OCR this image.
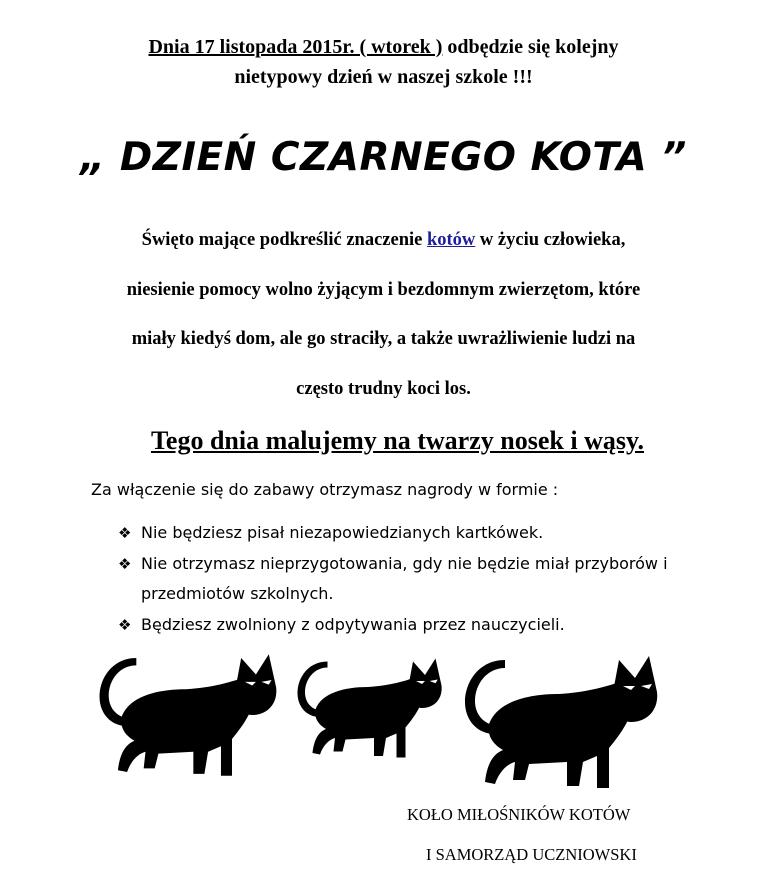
Dnia 17 listopada 2015r. ( wtorek ) odbędzie się kolejny
nietypowy dzień w naszej szkole !!!
„ DZIEŃ CZARNEGO KOTA ”
Święto mające podkreślić znaczenie kotów w życiu człowieka,
niesienie pomocy wolno żyjącym i bezdomnym zwierzętom, które
miały kiedyś dom, ale go straciły, a także uwrażliwienie ludzi na
często trudny koci los.
Tego dnia malujemy na twarzy nosek i wąsy.
Za włączenie się do zabawy otrzymasz nagrody w formie :
❖ Nie będziesz pisał niezapowiedzianych kartkówek.
❖ Nie otrzymasz nieprzygotowania, gdy nie będzie miał przyborów i przedmiotów szkolnych.
❖ Będziesz zwolniony z odpytywania przez nauczycieli.
KOŁO MIŁOŚNIKÓW KOTÓW
I SAMORZĄD UCZNIOWSKI
